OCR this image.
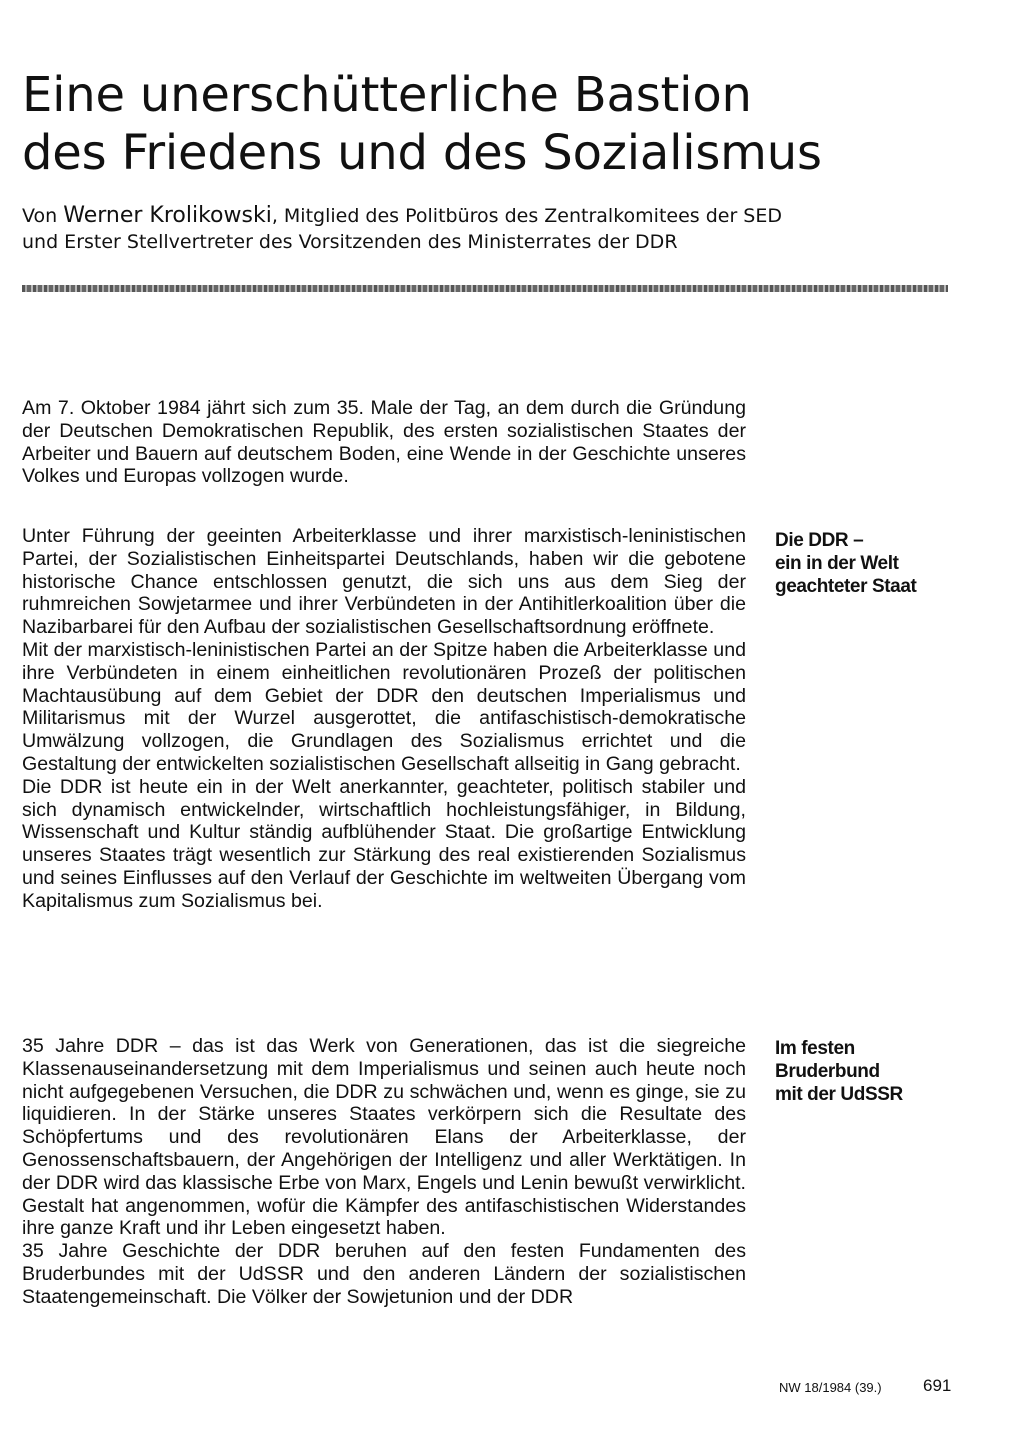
Eine unerschütterliche Bastion
des Friedens und des Sozialismus
Von Werner Krolikowski, Mitglied des Politbüros des Zentralkomitees der SED
und Erster Stellvertreter des Vorsitzenden des Ministerrates der DDR

Am 7. Oktober 1984 jährt sich zum 35. Male der Tag, an dem durch die Gründung der Deutschen Demokratischen Republik, des ersten sozialistischen Staates der Arbeiter und Bauern auf deutschem Boden, eine Wende in der Geschichte unseres Volkes und Europas vollzogen wurde.

Unter Führung der geeinten Arbeiterklasse und ihrer marxistisch-leninistischen Partei, der Sozialistischen Einheitspartei Deutschlands, haben wir die gebotene historische Chance entschlossen genutzt, die sich uns aus dem Sieg der ruhmreichen Sowjetarmee und ihrer Verbündeten in der Antihitlerkoalition über die Nazibarbarei für den Aufbau der sozialistischen Gesellschaftsordnung eröffnete.
Mit der marxistisch-leninistischen Partei an der Spitze haben die Arbeiterklasse und ihre Verbündeten in einem einheitlichen revolutionären Prozeß der politischen Machtausübung auf dem Gebiet der DDR den deutschen Imperialismus und Militarismus mit der Wurzel ausgerottet, die antifaschistisch-demokratische Umwälzung vollzogen, die Grundlagen des Sozialismus errichtet und die Gestaltung der entwickelten sozialistischen Gesellschaft allseitig in Gang gebracht.
Die DDR ist heute ein in der Welt anerkannter, geachteter, politisch stabiler und sich dynamisch entwickelnder, wirtschaftlich hochleistungsfähiger, in Bildung, Wissenschaft und Kultur ständig aufblühender Staat. Die großartige Entwicklung unseres Staates trägt wesentlich zur Stärkung des real existierenden Sozialismus und seines Einflusses auf den Verlauf der Geschichte im weltweiten Übergang vom Kapitalismus zum Sozialismus bei.

Die DDR –
ein in der Welt
geachteter Staat

35 Jahre DDR – das ist das Werk von Generationen, das ist die siegreiche Klassenauseinandersetzung mit dem Imperialismus und seinen auch heute noch nicht aufgegebenen Versuchen, die DDR zu schwächen und, wenn es ginge, sie zu liquidieren. In der Stärke unseres Staates verkörpern sich die Resultate des Schöpfertums und des revolutionären Elans der Arbeiterklasse, der Genossenschaftsbauern, der Angehörigen der Intelligenz und aller Werktätigen. In der DDR wird das klassische Erbe von Marx, Engels und Lenin bewußt verwirklicht. Gestalt hat angenommen, wofür die Kämpfer des antifaschistischen Widerstandes ihre ganze Kraft und ihr Leben eingesetzt haben.
35 Jahre Geschichte der DDR beruhen auf den festen Fundamenten des Bruderbundes mit der UdSSR und den anderen Ländern der sozialistischen Staatengemeinschaft. Die Völker der Sowjetunion und der DDR

Im festen
Bruderbund
mit der UdSSR
NW 18/1984 (39.) 691
